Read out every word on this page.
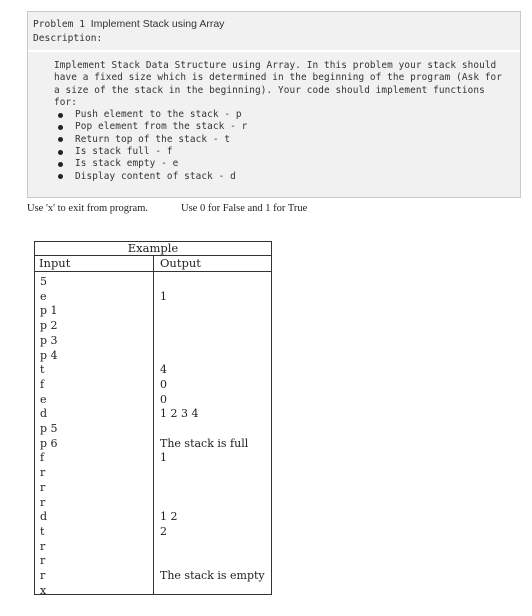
Problem 1 Implement Stack using Array
Description:
Implement Stack Data Structure using Array. In this problem your stack should
have a fixed size which is determined in the beginning of the program (Ask for
a size of the stack in the beginning). Your code should implement functions
for:
Push element to the stack - p
Pop element from the stack - r
Return top of the stack - t
Is stack full - f
Is stack empty - e
Display content of stack - d
Use 'x' to exit from program.	Use 0 for False and 1 for True
Example
Input	Output
5
e	1
p 1
p 2
p 3
p 4
t	4
f	0
e	0
d	1 2 3 4
p 5
p 6	The stack is full
f	1
r
r
r
d	1 2
t	2
r
r
r	The stack is empty
x
